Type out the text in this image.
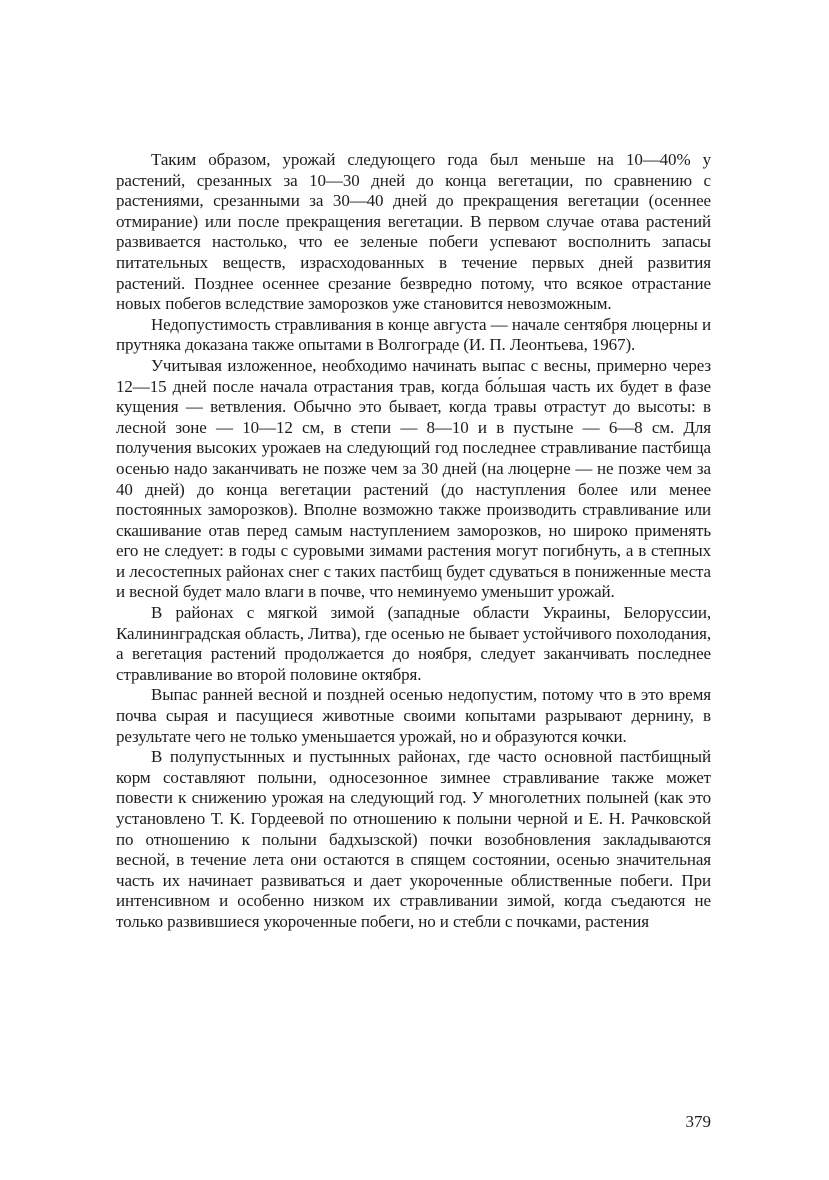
Таким образом, урожай следующего года был меньше на 10—40% у растений, срезанных за 10—30 дней до конца вегетации, по сравнению с растениями, срезанными за 30—40 дней до прекращения вегетации (осеннее отмирание) или после прекращения вегетации. В первом случае отава растений развивается настолько, что ее зеленые побеги успевают восполнить запасы питательных веществ, израсходованных в течение первых дней развития растений. Позднее осеннее срезание безвредно потому, что всякое отрастание новых побегов вследствие заморозков уже становится невозможным.

Недопустимость стравливания в конце августа — начале сентября люцерны и прутняка доказана также опытами в Волгограде (И. П. Леонтьева, 1967).

Учитывая изложенное, необходимо начинать выпас с весны, примерно через 12—15 дней после начала отрастания трав, когда бо́льшая часть их будет в фазе кущения — ветвления. Обычно это бывает, когда травы отрастут до высоты: в лесной зоне — 10—12 см, в степи — 8—10 и в пустыне — 6—8 см. Для получения высоких урожаев на следующий год последнее стравливание пастбища осенью надо заканчивать не позже чем за 30 дней (на люцерне — не позже чем за 40 дней) до конца вегетации растений (до наступления более или менее постоянных заморозков). Вполне возможно также производить стравливание или скашивание отав перед самым наступлением заморозков, но широко применять его не следует: в годы с суровыми зимами растения могут погибнуть, а в степных и лесостепных районах снег с таких пастбищ будет сдуваться в пониженные места и весной будет мало влаги в почве, что неминуемо уменьшит урожай.

В районах с мягкой зимой (западные области Украины, Белоруссии, Калининградская область, Литва), где осенью не бывает устойчивого похолодания, а вегетация растений продолжается до ноября, следует заканчивать последнее стравливание во второй половине октября.

Выпас ранней весной и поздней осенью недопустим, потому что в это время почва сырая и пасущиеся животные своими копытами разрывают дернину, в результате чего не только уменьшается урожай, но и образуются кочки.

В полупустынных и пустынных районах, где часто основной пастбищный корм составляют полыни, односезонное зимнее стравливание также может повести к снижению урожая на следующий год. У многолетних полыней (как это установлено Т. К. Гордеевой по отношению к полыни черной и Е. Н. Рачковской по отношению к полыни бадхызской) почки возобновления закладываются весной, в течение лета они остаются в спящем состоянии, осенью значительная часть их начинает развиваться и дает укороченные облиственные побеги. При интенсивном и особенно низком их стравливании зимой, когда съедаются не только развившиеся укороченные побеги, но и стебли с почками, растения

379
